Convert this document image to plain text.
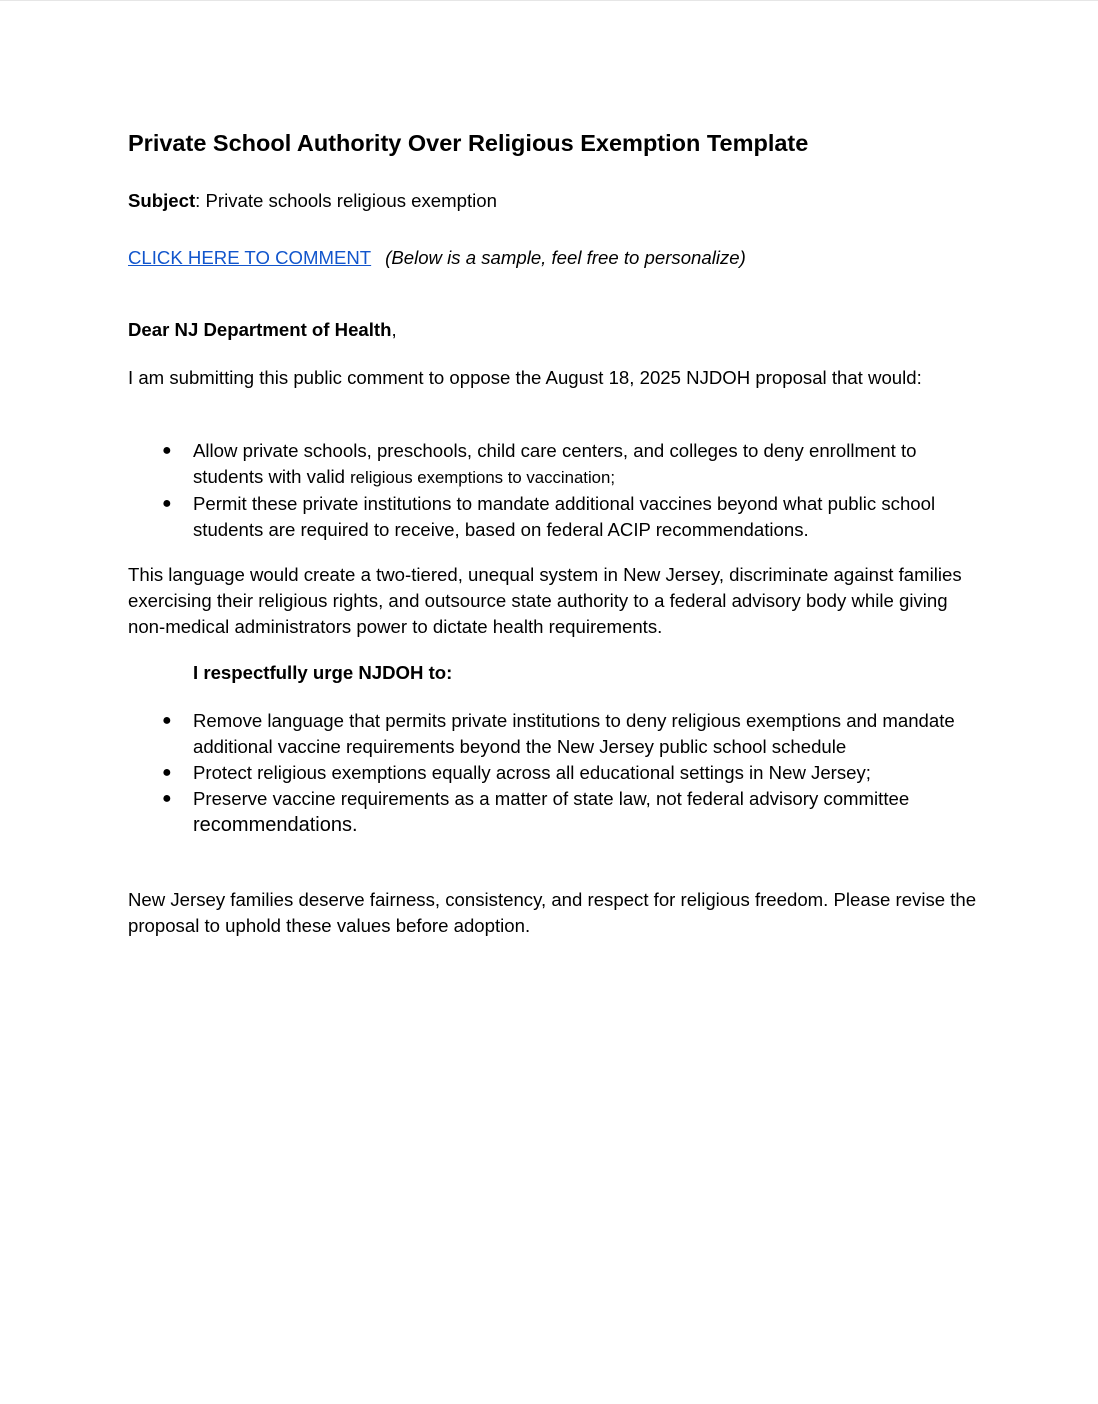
Private School Authority Over Religious Exemption Template
Subject: Private schools religious exemption
CLICK HERE TO COMMENT (Below is a sample, feel free to personalize)
Dear NJ Department of Health,

I am submitting this public comment to oppose the August 18, 2025 NJDOH proposal that would:

● Allow private schools, preschools, child care centers, and colleges to deny enrollment to students with valid religious exemptions to vaccination;
● Permit these private institutions to mandate additional vaccines beyond what public school students are required to receive, based on federal ACIP recommendations.

This language would create a two-tiered, unequal system in New Jersey, discriminate against families exercising their religious rights, and outsource state authority to a federal advisory body while giving non-medical administrators power to dictate health requirements.

I respectfully urge NJDOH to:
● Remove language that permits private institutions to deny religious exemptions and mandate additional vaccine requirements beyond the New Jersey public school schedule
● Protect religious exemptions equally across all educational settings in New Jersey;
● Preserve vaccine requirements as a matter of state law, not federal advisory committee recommendations.

New Jersey families deserve fairness, consistency, and respect for religious freedom. Please revise the proposal to uphold these values before adoption.
